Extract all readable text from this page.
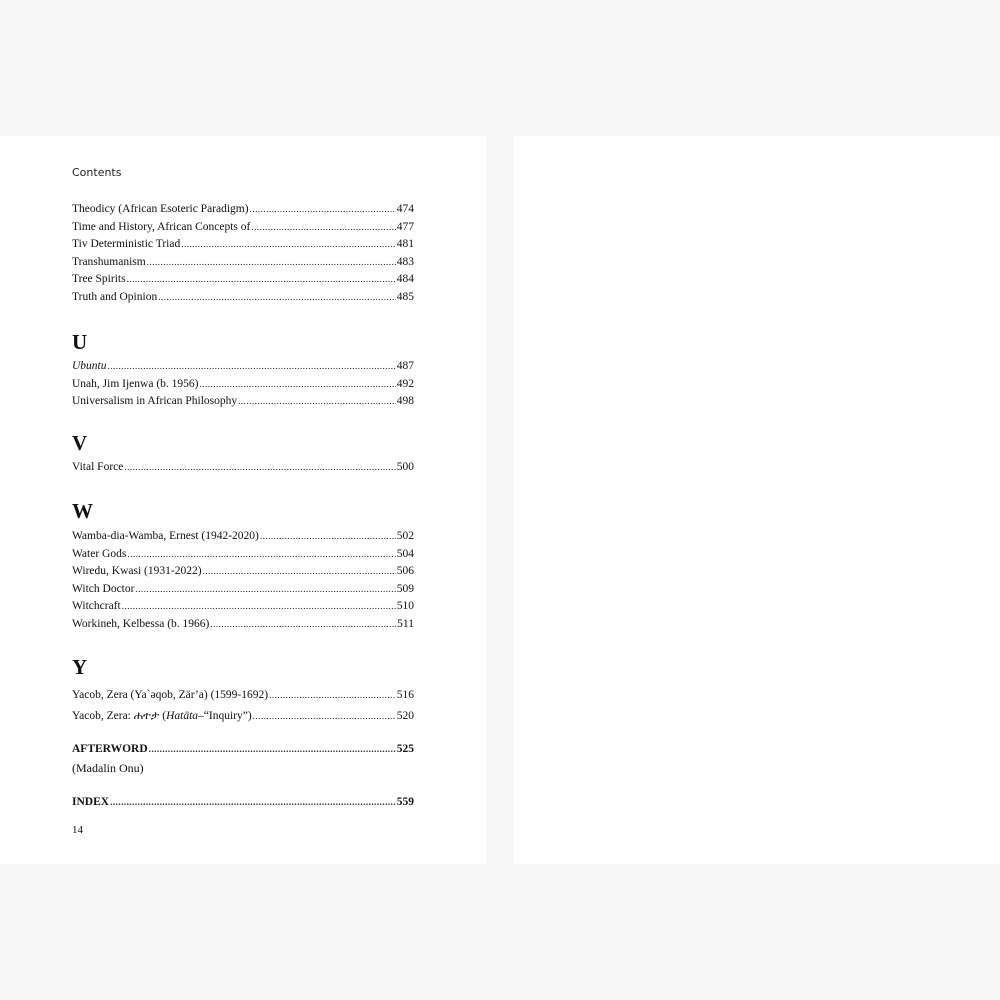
Contents
Theodicy (African Esoteric Paradigm) .....	474
Time and History, African Concepts of .....	477
Tiv Deterministic Triad .....	481
Transhumanism .....	483
Tree Spirits .....	484
Truth and Opinion .....	485
U
Ubuntu .....	487
Unah, Jim Ijenwa (b. 1956) .....	492
Universalism in African Philosophy .....	498
V
Vital Force .....	500
W
Wamba-dia-Wamba, Ernest (1942-2020) .....	502
Water Gods .....	504
Wiredu, Kwasi (1931-2022) .....	506
Witch Doctor .....	509
Witchcraft .....	510
Workineh, Kelbessa (b. 1966) .....	511
Y
Yacob, Zera (Ya`əqob, Zär’a) (1599-1692) .....	516
Yacob, Zera: ሐተታ (Hatäta–“Inquiry”) .....	520
AFTERWORD .....	525
(Madalin Onu)
INDEX .....	559
14
